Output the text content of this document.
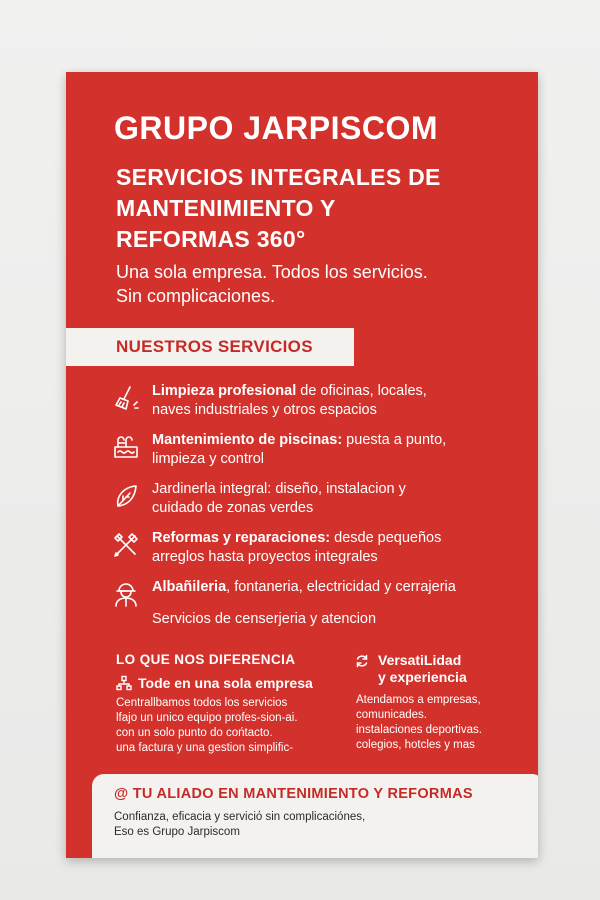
GRUPO JARPISCOM
SERVICIOS INTEGRALES DE
MANTENIMIENTO Y
REFORMAS 360°
Una sola empresa. Todos los servicios.
Sin complicaciones.
NUESTROS SERVICIOS
Limpieza profesional de oficinas, locales,
naves industriales y otros espacios
Mantenimiento de piscinas: puesta a punto,
limpieza y control
Jardinerla integral: diseño, instalacion y
cuidado de zonas verdes
Reformas y reparaciones: desde pequeños
arreglos hasta proyectos integrales
Albañileria, fontaneria, electricidad y cerrajeria
Servicios de censerjeria y atencion
LO QUE NOS DIFERENCIA
Tode en una sola empresa
Centrallbamos todos los servicios
lfajo un unico equipo profes-sion-ai.
con un solo punto do cońtacto.
una factura y una gestion simplific-
VersatiLidad
y experiencia
Atendamos a empresas,
comunicades.
instalaciones deportivas.
colegios, hotcles y mas
@ TU ALIADO EN MANTENIMIENTO Y REFORMAS
Confianza, eficacia y serviciό sin complicaciónes,
Eso es Grupo Jarpiscom
